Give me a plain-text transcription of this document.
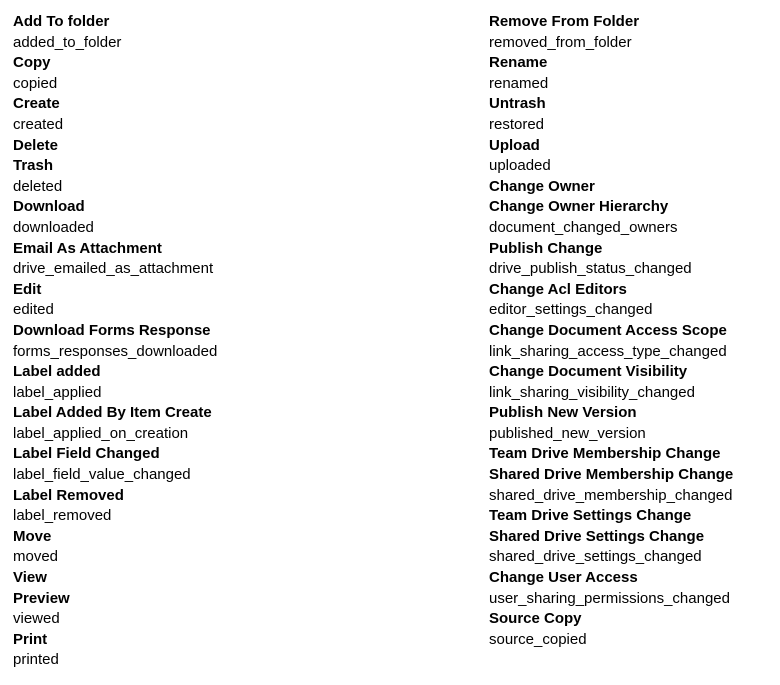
Add To folder
added_to_folder
Copy
copied
Create
created
Delete
Trash
deleted
Download
downloaded
Email As Attachment
drive_emailed_as_attachment
Edit
edited
Download Forms Response
forms_responses_downloaded
Label added
label_applied
Label Added By Item Create
label_applied_on_creation
Label Field Changed
label_field_value_changed
Label Removed
label_removed
Move
moved
View
Preview
viewed
Print
printed
Remove From Folder
removed_from_folder
Rename
renamed
Untrash
restored
Upload
uploaded
Change Owner
Change Owner Hierarchy
document_changed_owners
Publish Change
drive_publish_status_changed
Change Acl Editors
editor_settings_changed
Change Document Access Scope
link_sharing_access_type_changed
Change Document Visibility
link_sharing_visibility_changed
Publish New Version
published_new_version
Team Drive Membership Change
Shared Drive Membership Change
shared_drive_membership_changed
Team Drive Settings Change
Shared Drive Settings Change
shared_drive_settings_changed
Change User Access
user_sharing_permissions_changed
Source Copy
source_copied
